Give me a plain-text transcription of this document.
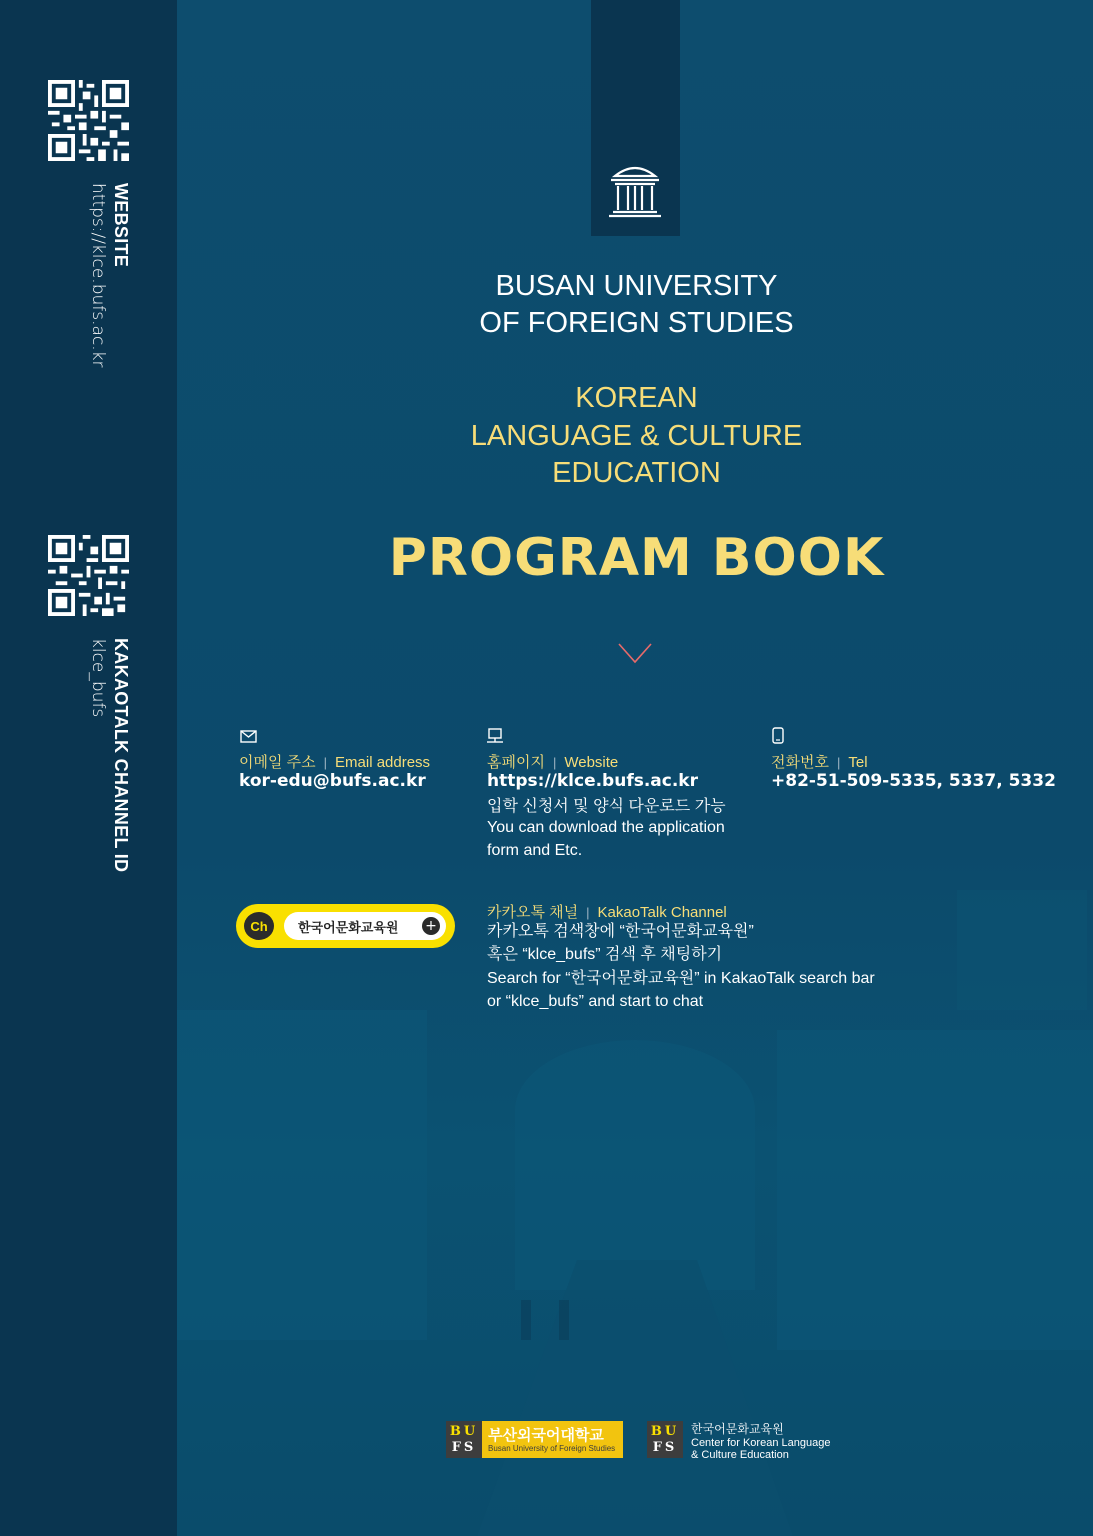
WEBSITE
https://klce.bufs.ac.kr
KAKAOTALK CHANNEL ID
klce_bufs
BUSAN UNIVERSITY
OF FOREIGN STUDIES
KOREAN
LANGUAGE & CULTURE
EDUCATION
PROGRAM BOOK
이메일 주소 | Email address
kor-edu@bufs.ac.kr
홈페이지 | Website
https://klce.bufs.ac.kr
입학 신청서 및 양식 다운로드 가능
You can download the application
form and Etc.
전화번호 | Tel
+82-51-509-5335, 5337, 5332
Ch	한국어문화교육원 +
카카오톡 채널 | KakaoTalk Channel
카카오톡 검색창에 “한국어문화교육원”
혹은 “klce_bufs” 검색 후 채팅하기
Search for “한국어문화교육원” in KakaoTalk search bar
or “klce_bufs” and start to chat
BU
FS
부산외국어대학교
Busan University of Foreign Studies
BU
FS
한국어문화교육원
Center for Korean Language
& Culture Education
